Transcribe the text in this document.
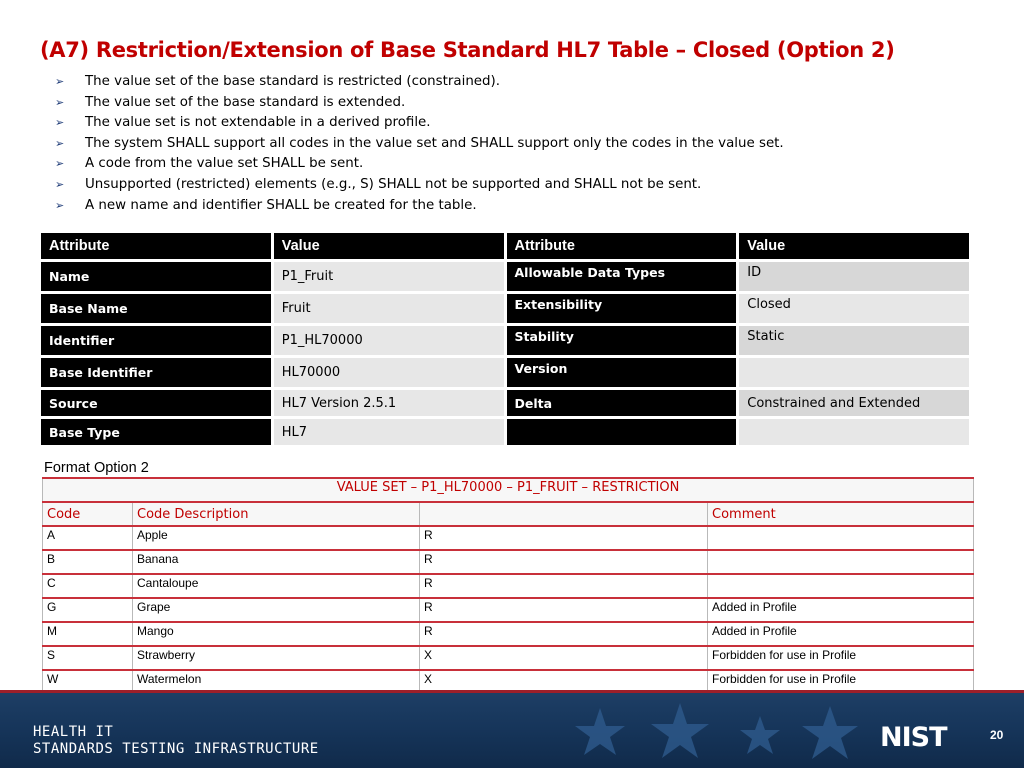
(A7) Restriction/Extension of Base Standard HL7 Table – Closed (Option 2)
➢	The value set of the base standard is restricted (constrained).
➢	The value set of the base standard is extended.
➢	The value set is not extendable in a derived profile.
➢	The system SHALL support all codes in the value set and SHALL support only the codes in the value set.
➢	A code from the value set SHALL be sent.
➢	Unsupported (restricted) elements (e.g., S) SHALL not be supported and SHALL not be sent.
➢	A new name and identifier SHALL be created for the table.
Attribute	Value	Attribute	Value
Name	P1_Fruit	Allowable Data Types	ID
Base Name	Fruit	Extensibility	Closed
Identifier	P1_HL70000	Stability	Static
Base Identifier	HL70000	Version	
Source	HL7 Version 2.5.1	Delta	Constrained and Extended
Base Type	HL7		
Format Option 2
VALUE SET – P1_HL70000 – P1_FRUIT – RESTRICTION			
Code	Code Description		Comment
A	Apple	R	
B	Banana	R	
C	Cantaloupe	R	
G	Grape	R	Added in Profile
M	Mango	R	Added in Profile
S	Strawberry	X	Forbidden for use in Profile
W	Watermelon	X	Forbidden for use in Profile
HEALTH IT
STANDARDS TESTING INFRASTRUCTURE	NIST	20
